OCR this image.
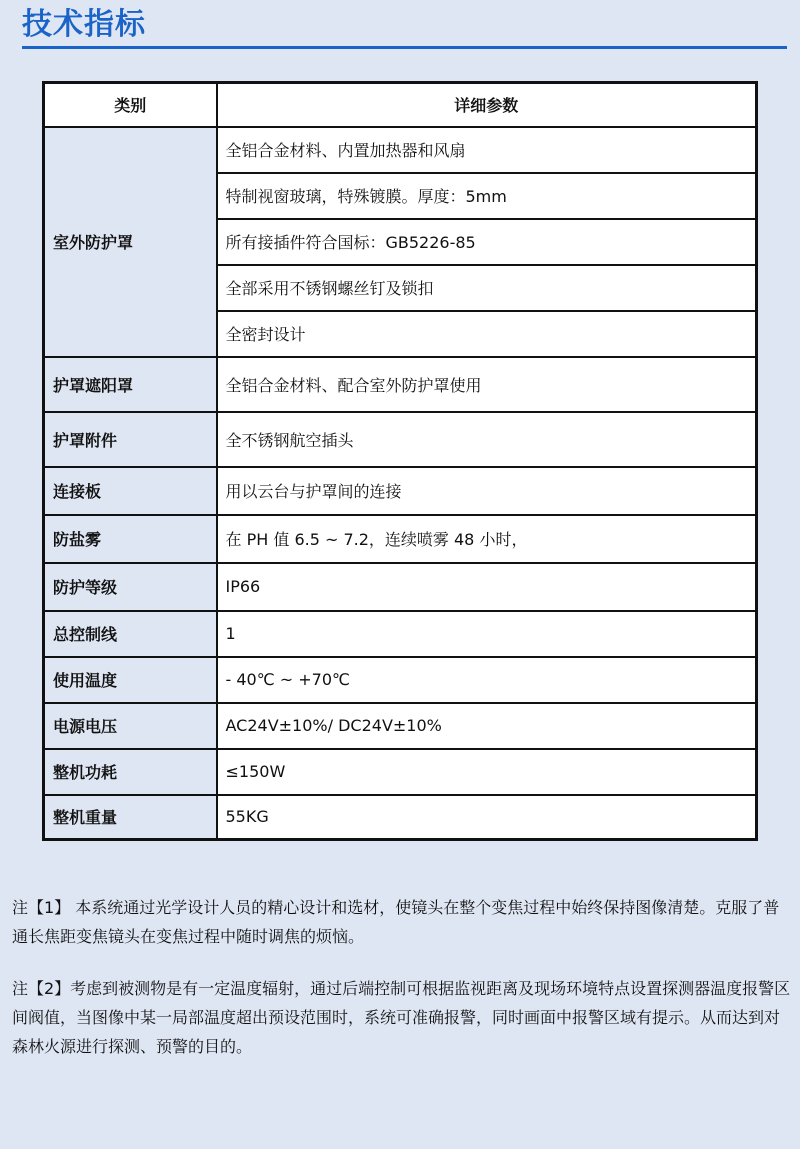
技术指标
类别	详细参数
室外防护罩	全铝合金材料、内置加热器和风扇
	特制视窗玻璃，特殊镀膜。厚度：5mm
	所有接插件符合国标：GB5226-85
	全部采用不锈钢螺丝钉及锁扣
	全密封设计
护罩遮阳罩	全铝合金材料、配合室外防护罩使用
护罩附件	全不锈钢航空插头
连接板	用以云台与护罩间的连接
防盐雾	在 PH 值 6.5 ~ 7.2，连续喷雾 48 小时，
防护等级	IP66
总控制线	1
使用温度	- 40℃ ~ +70℃
电源电压	AC24V±10%/ DC24V±10%
整机功耗	≤150W
整机重量	55KG

注【1】 本系统通过光学设计人员的精心设计和选材，使镜头在整个变焦过程中始终保持图像清楚。克服了普通长焦距变焦镜头在变焦过程中随时调焦的烦恼。

注【2】考虑到被测物是有一定温度辐射，通过后端控制可根据监视距离及现场环境特点设置探测器温度报警区间阀值，当图像中某一局部温度超出预设范围时，系统可准确报警，同时画面中报警区域有提示。从而达到对森林火源进行探测、预警的目的。
